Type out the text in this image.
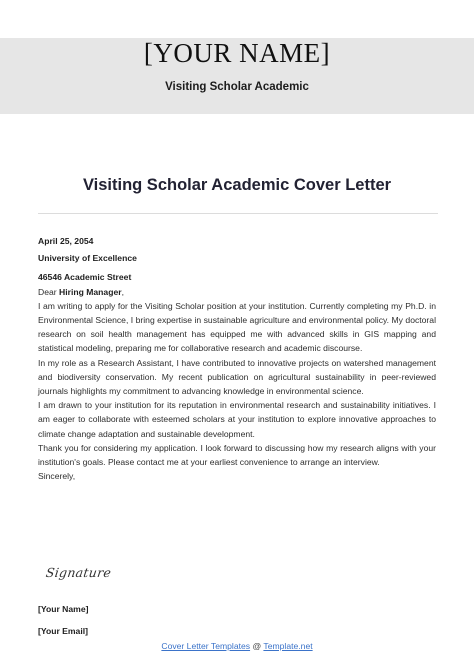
[YOUR NAME]
Visiting Scholar Academic
Visiting Scholar Academic Cover Letter

April 25, 2054

University of Excellence

46546 Academic Street

Dear Hiring Manager,

I am writing to apply for the Visiting Scholar position at your institution. Currently completing my Ph.D. in Environmental Science, I bring expertise in sustainable agriculture and environmental policy. My doctoral research on soil health management has equipped me with advanced skills in GIS mapping and statistical modeling, preparing me for collaborative research and academic discourse.

In my role as a Research Assistant, I have contributed to innovative projects on watershed management and biodiversity conservation. My recent publication on agricultural sustainability in peer-reviewed journals highlights my commitment to advancing knowledge in environmental science.

I am drawn to your institution for its reputation in environmental research and sustainability initiatives. I am eager to collaborate with esteemed scholars at your institution to explore innovative approaches to climate change adaptation and sustainable development.

Thank you for considering my application. I look forward to discussing how my research aligns with your institution's goals. Please contact me at your earliest convenience to arrange an interview.

Sincerely,

Signature
[Your Name]
[Your Email]
Cover Letter Templates @ Template.net
